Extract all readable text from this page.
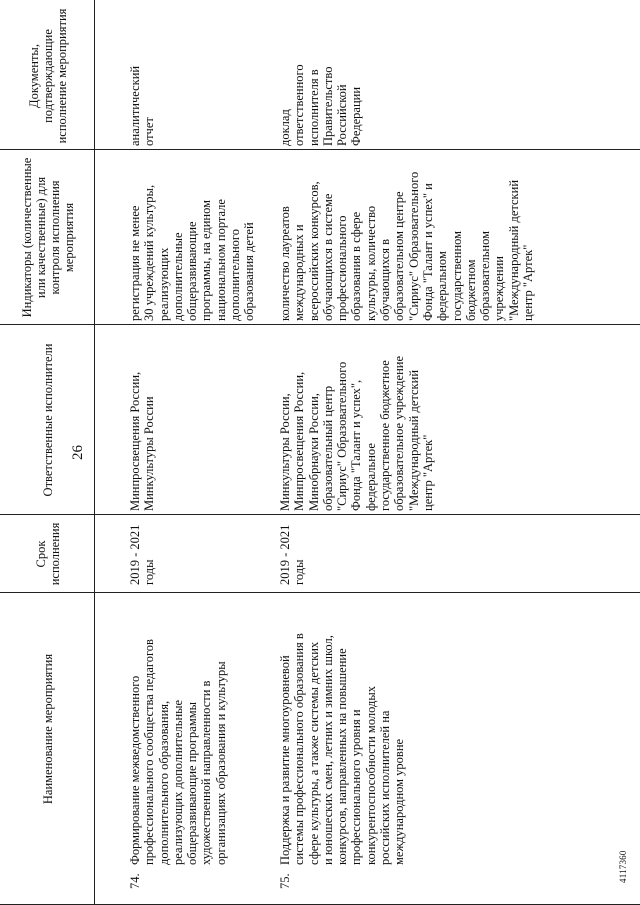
26
Наименование мероприятия
Срок исполнения
Ответственные исполнители
Индикаторы (количественные или качественные) для контроля исполнения мероприятия
Документы, подтверждающие исполнение мероприятия
74.
Формирование межведомственного
профессионального сообщества педагогов
дополнительного образования,
реализующих дополнительные
общеразвивающие программы
художественной направленности в
организациях образования и культуры
2019 - 2021
годы
Минпросвещения России,
Минкультуры России
регистрация не менее
30 учреждений культуры,
реализующих
дополнительные
общеразвивающие
программы, на едином
национальном портале
дополнительного
образования детей
аналитический
отчет
75.
Поддержка и развитие многоуровневой
системы профессионального образования в
сфере культуры, а также системы детских
и юношеских смен, летних и зимних школ,
конкурсов, направленных на повышение
профессионального уровня и
конкурентоспособности молодых
российских исполнителей на
международном уровне
2019 - 2021
годы
Минкультуры России,
Минпросвещения России,
Минобрнауки России,
образовательный центр
"Сириус" Образовательного
Фонда "Талант и успех",
федеральное
государственное бюджетное
образовательное учреждение
"Международный детский
центр "Артек"
количество лауреатов
международных и
всероссийских конкурсов,
обучающихся в системе
профессионального
образования в сфере
культуры, количество
обучающихся в
образовательном центре
"Сириус" Образовательного
Фонда "Талант и успех" и
федеральном
государственном
бюджетном
образовательном
учреждении
"Международный детский
центр "Артек"
доклад
ответственного
исполнителя в
Правительство
Российской
Федерации
4117360
